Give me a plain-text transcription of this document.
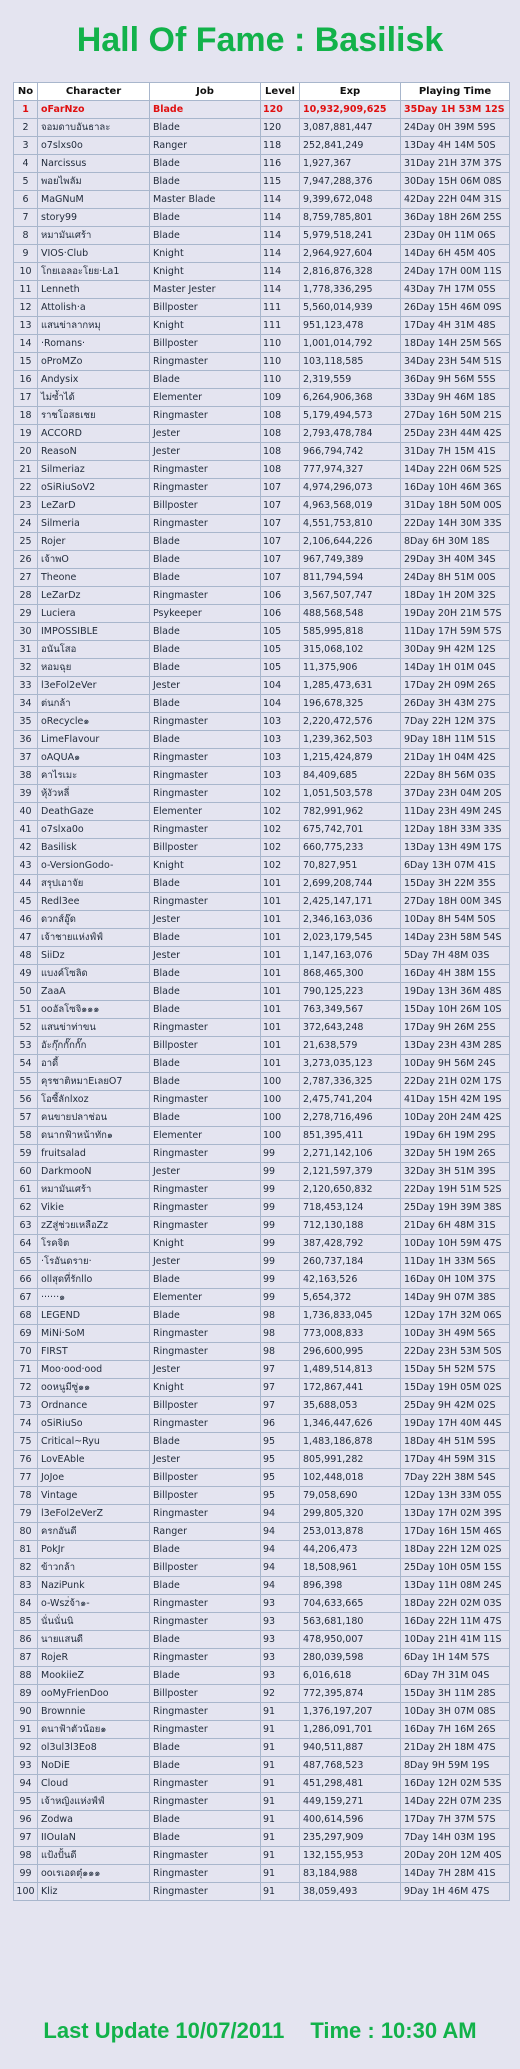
Hall Of Fame : Basilisk
No	Character	Job	Level	Exp	Playing Time
1	oFarNzo	Blade	120	10,932,909,625	35Day 1H 53M 12S
2	จอมดาบอันธาละ	Blade	120	3,087,881,447	24Day 0H 39M 59S
3	o7slxs0o	Ranger	118	252,841,249	13Day 4H 14M 50S
4	Narcissus	Blade	116	1,927,367	31Day 21H 37M 37S
5	พอยไพลัม	Blade	115	7,947,288,376	30Day 15H 06M 08S
6	MaGNuM	Master Blade	114	9,399,672,048	42Day 22H 04M 31S
7	story99	Blade	114	8,759,785,801	36Day 18H 26M 25S
8	หมามันเศร้า	Blade	114	5,979,518,241	23Day 0H 11M 06S
9	VIOS·Club	Knight	114	2,964,927,604	14Day 6H 45M 40S
10	โกยเอลอะโยย·La1	Knight	114	2,816,876,328	24Day 17H 00M 11S
11	Lenneth	Master Jester	114	1,778,336,295	43Day 7H 17M 05S
12	Attolish·a	Billposter	111	5,560,014,939	26Day 15H 46M 09S
13	แสนข่าลากหมุ	Knight	111	951,123,478	17Day 4H 31M 48S
14	·Romans·	Billposter	110	1,001,014,792	18Day 14H 25M 56S
15	oProMZo	Ringmaster	110	103,118,585	34Day 23H 54M 51S
16	Andysix	Blade	110	2,319,559	36Day 9H 56M 55S
17	ไม่ซ้ำได้	Elementer	109	6,264,906,368	33Day 9H 46M 18S
18	ราชโอสธเชย	Ringmaster	108	5,179,494,573	27Day 16H 50M 21S
19	ACCORD	Jester	108	2,793,478,784	25Day 23H 44M 42S
20	ReasoN	Jester	108	966,794,742	31Day 7H 15M 41S
21	Silmeriaz	Ringmaster	108	777,974,327	14Day 22H 06M 52S
22	oSiRiuSoV2	Ringmaster	107	4,974,296,073	16Day 10H 46M 36S
23	LeZarD	Billposter	107	4,963,568,019	31Day 18H 50M 00S
24	Silmeria	Ringmaster	107	4,551,753,810	22Day 14H 30M 33S
25	Rojer	Blade	107	2,106,644,226	8Day 6H 30M 18S
26	เจ้าพO	Blade	107	967,749,389	29Day 3H 40M 34S
27	Theone	Blade	107	811,794,594	24Day 8H 51M 00S
28	LeZarDz	Ringmaster	106	3,567,507,747	18Day 1H 20M 32S
29	Luciera	Psykeeper	106	488,568,548	19Day 20H 21M 57S
30	IMPOSSIBLE	Blade	105	585,995,818	11Day 17H 59M 57S
31	อนันโสอ	Blade	105	315,068,102	30Day 9H 42M 12S
32	หอมฉุย	Blade	105	11,375,906	14Day 1H 01M 04S
33	l3eFol2eVer	Jester	104	1,285,473,631	17Day 2H 09M 26S
34	ต่นกล้า	Blade	104	196,678,325	26Day 3H 43M 27S
35	oRecycle๑	Ringmaster	103	2,220,472,576	7Day 22H 12M 37S
36	LimeFlavour	Blade	103	1,239,362,503	9Day 18H 11M 51S
37	oAQUA๑	Ringmaster	103	1,215,424,879	21Day 1H 04M 42S
38	คาไรเมะ	Ringmaster	103	84,409,685	22Day 8H 56M 03S
39	หุ้งัวหลี่	Ringmaster	102	1,051,503,578	37Day 23H 04M 20S
40	DeathGaze	Elementer	102	782,991,962	11Day 23H 49M 24S
41	o7slxa0o	Ringmaster	102	675,742,701	12Day 18H 33M 33S
42	Basilisk	Billposter	102	660,775,233	13Day 13H 49M 17S
43	o-VersionGodo-	Knight	102	70,827,951	6Day 13H 07M 41S
44	สรุปเอาจัย	Blade	101	2,699,208,744	15Day 3H 22M 35S
45	Redl3ee	Ringmaster	101	2,425,147,171	27Day 18H 00M 34S
46	ดวกส์อู๊ด	Jester	101	2,346,163,036	10Day 8H 54M 50S
47	เจ้าชายแห่งฟ์ฟ์	Blade	101	2,023,179,545	14Day 23H 58M 54S
48	SiiDz	Jester	101	1,147,163,076	5Day 7H 48M 03S
49	แบงค์โซลิด	Blade	101	868,465,300	16Day 4H 38M 15S
50	ZaaA	Blade	101	790,125,223	19Day 13H 36M 48S
51	ooอัลโซจิ๑๑๑	Blade	101	763,349,567	15Day 10H 26M 10S
52	แสนข่าท่าขน	Ringmaster	101	372,643,248	17Day 9H 26M 25S
53	อัะกุ๊กกั๊กกั๊ก	Billposter	101	21,638,579	13Day 23H 43M 28S
54	อาดี้	Blade	101	3,273,035,123	10Day 9H 56M 24S
55	คุรชาติหมาEเลยO7	Blade	100	2,787,336,325	22Day 21H 02M 17S
56	โอซี้ลักlxoz	Ringmaster	100	2,475,741,204	41Day 15H 42M 19S
57	คนขายปลาช่อน	Blade	100	2,278,716,496	10Day 20H 24M 42S
58	ดนากฟ้าหน้าทัก๑	Elementer	100	851,395,411	19Day 6H 19M 29S
59	fruitsalad	Ringmaster	99	2,271,142,106	32Day 5H 19M 26S
60	DarkmooN	Jester	99	2,121,597,379	32Day 3H 51M 39S
61	หมามันเศร้า	Ringmaster	99	2,120,650,832	22Day 19H 51M 52S
62	Vikie	Ringmaster	99	718,453,124	25Day 19H 39M 38S
63	zZสู่ช่วยเหลือZz	Ringmaster	99	712,130,188	21Day 6H 48M 31S
64	โรคจิต	Knight	99	387,428,792	10Day 10H 59M 47S
65	·โรอันดราย·	Jester	99	260,737,184	11Day 1H 33M 56S
66	ollสุดที่รักllo	Blade	99	42,163,526	16Day 0H 10M 37S
67	······๑	Elementer	99	5,654,372	14Day 9H 07M 38S
68	LEGEND	Blade	98	1,736,833,045	12Day 17H 32M 06S
69	MiNi·SoM	Ringmaster	98	773,008,833	10Day 3H 49M 56S
70	FIRST	Ringmaster	98	296,600,995	22Day 23H 53M 50S
71	Moo·ood·ood	Jester	97	1,489,514,813	15Day 5H 52M 57S
72	ooหนูมีซู่๑๑	Knight	97	172,867,441	15Day 19H 05M 02S
73	Ordnance	Billposter	97	35,688,053	25Day 9H 42M 02S
74	oSiRiuSo	Ringmaster	96	1,346,447,626	19Day 17H 40M 44S
75	Critical~Ryu	Blade	95	1,483,186,878	18Day 4H 51M 59S
76	LovEAble	Jester	95	805,991,282	17Day 4H 59M 31S
77	JoJoe	Billposter	95	102,448,018	7Day 22H 38M 54S
78	Vintage	Billposter	95	79,058,690	12Day 13H 33M 05S
79	l3eFol2eVerZ	Ringmaster	94	299,805,320	13Day 17H 02M 39S
80	ครกอันดี	Ranger	94	253,013,878	17Day 16H 15M 46S
81	PokJr	Blade	94	44,206,473	18Day 22H 12M 02S
82	ข้าวกล้า	Billposter	94	18,508,961	25Day 10H 05M 15S
83	NaziPunk	Blade	94	896,398	13Day 11H 08M 24S
84	o-Wsz่จ้า๑-	Ringmaster	93	704,633,665	18Day 22H 02M 03S
85	นั่นนั่นนิ	Ringmaster	93	563,681,180	16Day 22H 11M 47S
86	นายแสนดี	Blade	93	478,950,007	10Day 21H 41M 11S
87	RojeR	Ringmaster	93	280,039,598	6Day 1H 14M 57S
88	MookiieZ	Blade	93	6,016,618	6Day 7H 31M 04S
89	ooMyFrienDoo	Billposter	92	772,395,874	15Day 3H 11M 28S
90	Brownnie	Ringmaster	91	1,376,197,207	10Day 3H 07M 08S
91	ดนาฟ้าตัวน้อย๑	Ringmaster	91	1,286,091,701	16Day 7H 16M 26S
92	ol3ul3l3Eo8	Blade	91	940,511,887	21Day 2H 18M 47S
93	NoDiE	Blade	91	487,768,523	8Day 9H 59M 19S
94	Cloud	Ringmaster	91	451,298,481	16Day 12H 02M 53S
95	เจ้าหญิงแห่งฟ์ฟ์	Ringmaster	91	449,159,271	14Day 22H 07M 23S
96	Zodwa	Blade	91	400,614,596	17Day 7H 37M 57S
97	IIOuIaN	Blade	91	235,297,909	7Day 14H 03M 19S
98	แป้งปั้นดี	Ringmaster	91	132,155,953	20Day 20H 12M 40S
99	ooเรเอดตุ๋๑๑๑	Ringmaster	91	83,184,988	14Day 7H 28M 41S
100	Kliz	Ringmaster	91	38,059,493	9Day 1H 46M 47S
Last Update 10/07/2011 Time : 10:30 AM
